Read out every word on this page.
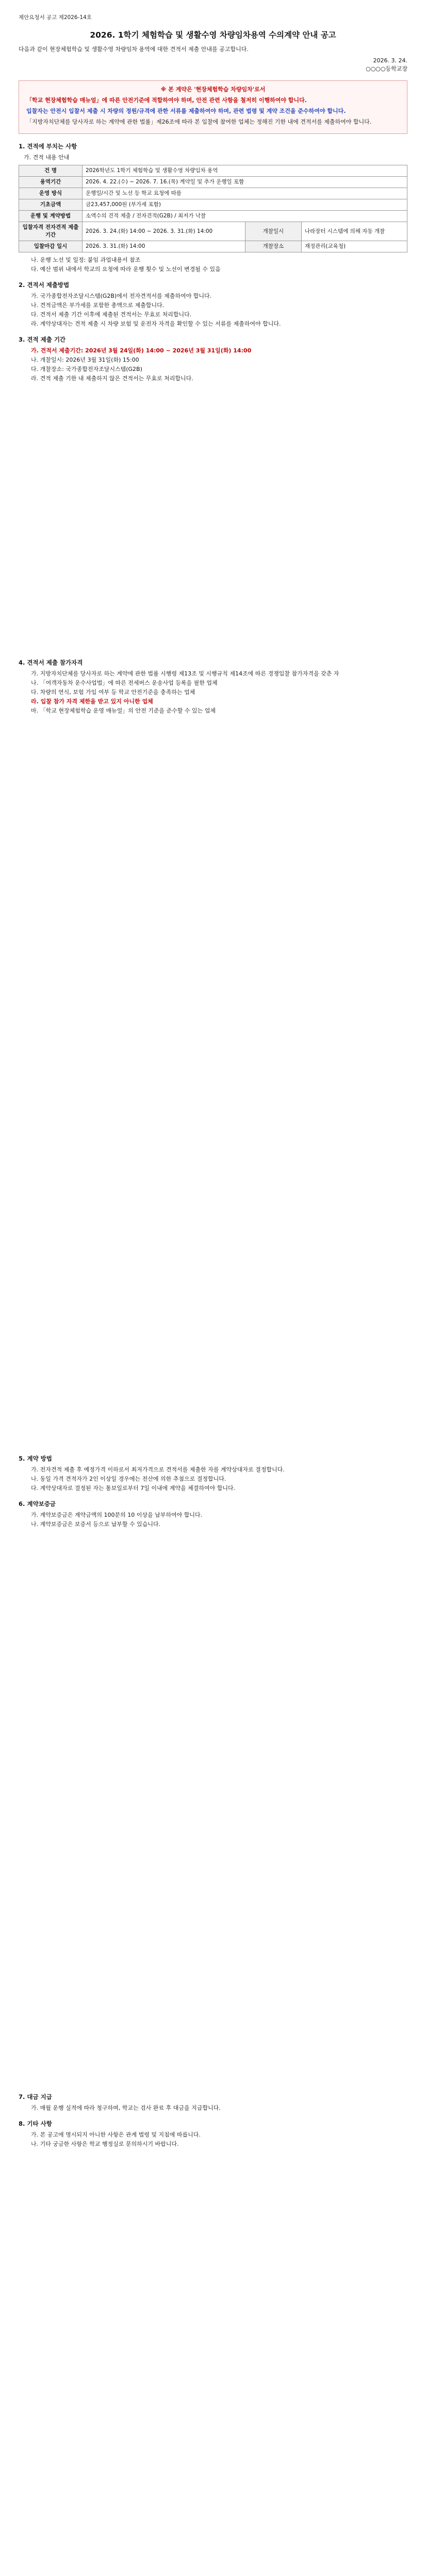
제안요청서 공고 제2026-14호
2026. 1학기 체험학습 및 생활수영 차량임차용역 수의계약 안내 공고
다음과 같이 현장체험학습 및 생활수영 차량임차 용역에 대한 견적서 제출 안내를 공고합니다.
2026. 3. 24.
○○○○등학교장
※ 본 계약은 '현장체험학습 차량임차'로서

「학교 현장체험학습 매뉴얼」에 따른 안전기준에 적합하여야 하며, 안전 관련 사항을 철저히 이행하여야 합니다.

입찰자는 안전시 입찰서 제출 시 차량의 정원/규격에 관한 서류를 제출하여야 하며, 관련 법령 및 계약 조건을 준수하여야 합니다.

「지방자치단체를 당사자로 하는 계약에 관한 법률」제26조에 따라 본 입찰에 참여한 업체는 정해진 기한 내에 견적서를 제출하여야 합니다.

1. 견적에 부치는 사항
가. 견적 내용 안내
건 명	2026학년도 1학기 체험학습 및 생활수영 차량임차 용역		
용역기간	2026. 4. 22.(수) ~ 2026. 7. 16.(목) 계약일 및 추가 운행일 포함		
운영 방식	운행일/시간 및 노선 등 학교 요청에 따름		
기초금액	금23,457,000원 (부가세 포함)		
운행 및 계약방법	소액수의 견적 제출 / 전자견적(G2B) / 최저가 낙찰		
입찰자격 전자견적 제출기간	2026. 3. 24.(화) 14:00 ~ 2026. 3. 31.(화) 14:00	개찰일시	나라장터 시스템에 의해 자동 개찰
입찰마감 일시	2026. 3. 31.(화) 14:00	개찰장소	재정관리(교육청)
나. 운행 노선 및 일정: 붙임 과업내용서 참조
다. 예산 범위 내에서 학교의 요청에 따라 운행 횟수 및 노선이 변경될 수 있음
2. 견적서 제출방법
가. 국가종합전자조달시스템(G2B)에서 전자견적서를 제출하여야 합니다.
나. 견적금액은 부가세를 포함한 총액으로 제출합니다.
다. 견적서 제출 기간 이후에 제출된 견적서는 무효로 처리합니다.
라. 계약상대자는 견적 제출 시 차량 보험 및 운전자 자격을 확인할 수 있는 서류를 제출하여야 합니다.
3. 견적 제출 기간
가. 견적서 제출기간: 2026년 3월 24일(화) 14:00 ~ 2026년 3월 31일(화) 14:00
나. 개찰일시: 2026년 3월 31일(화) 15:00
다. 개찰장소: 국가종합전자조달시스템(G2B)
라. 견적 제출 기한 내 제출하지 않은 견적서는 무효로 처리합니다.
4. 견적서 제출 참가자격
가. 지방자치단체를 당사자로 하는 계약에 관한 법률 시행령 제13조 및 시행규칙 제14조에 따른 경쟁입찰 참가자격을 갖춘 자
나. 「여객자동차 운수사업법」에 따른 전세버스 운송사업 등록을 필한 업체
다. 차량의 연식, 보험 가입 여부 등 학교 안전기준을 충족하는 업체
라. 입찰 참가 자격 제한을 받고 있지 아니한 업체
마. 「학교 현장체험학습 운영 매뉴얼」의 안전 기준을 준수할 수 있는 업체
5. 계약 방법
가. 전자견적 제출 후 예정가격 이하로서 최저가격으로 견적서를 제출한 자를 계약상대자로 결정합니다.
나. 동일 가격 견적자가 2인 이상일 경우에는 전산에 의한 추첨으로 결정합니다.
다. 계약상대자로 결정된 자는 통보일로부터 7일 이내에 계약을 체결하여야 합니다.
6. 계약보증금
가. 계약보증금은 계약금액의 100분의 10 이상을 납부하여야 합니다.
나. 계약보증금은 보증서 등으로 납부할 수 있습니다.
7. 대금 지급
가. 매월 운행 실적에 따라 청구하며, 학교는 검사 완료 후 대금을 지급합니다.
8. 기타 사항
가. 본 공고에 명시되지 아니한 사항은 관계 법령 및 지침에 따릅니다.
나. 기타 궁금한 사항은 학교 행정실로 문의하시기 바랍니다.
